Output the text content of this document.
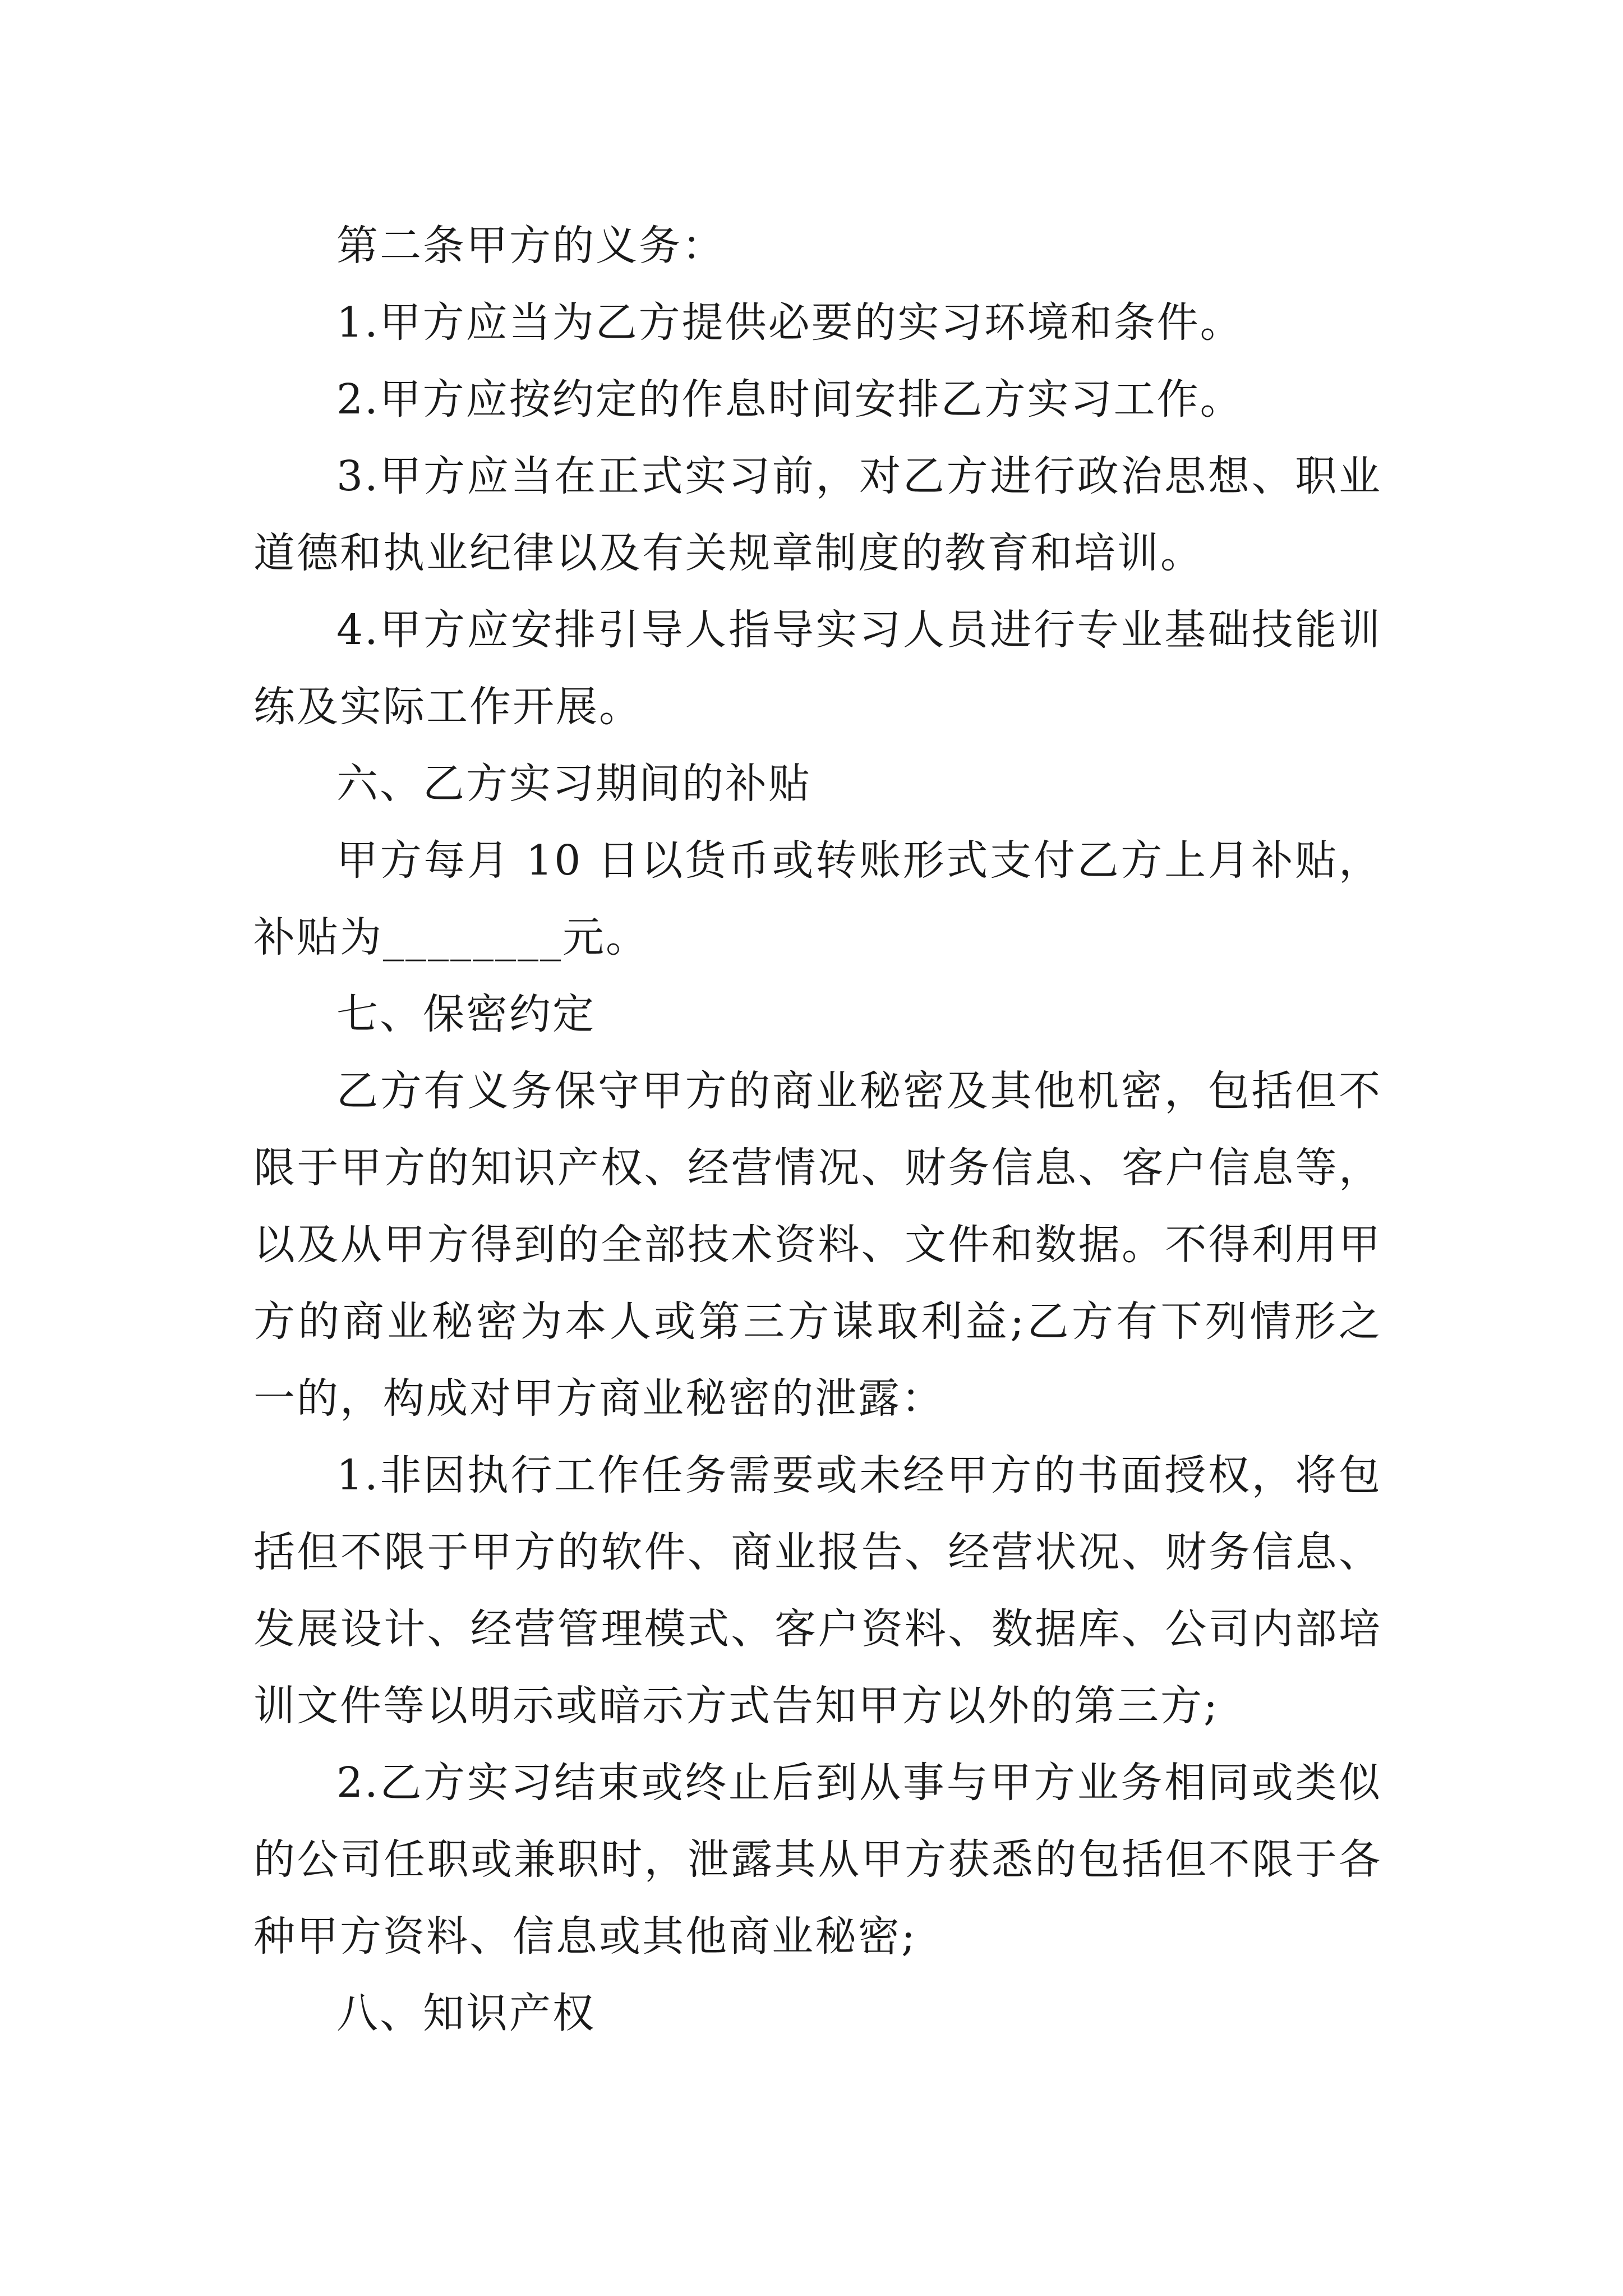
第二条甲方的义务：

1.甲方应当为乙方提供必要的实习环境和条件。

2.甲方应按约定的作息时间安排乙方实习工作。

3.甲方应当在正式实习前，对乙方进行政治思想、职业道德和执业纪律以及有关规章制度的教育和培训。

4.甲方应安排引导人指导实习人员进行专业基础技能训练及实际工作开展。

六、乙方实习期间的补贴

甲方每月 10 日以货币或转账形式支付乙方上月补贴，补贴为________元。

七、保密约定

乙方有义务保守甲方的商业秘密及其他机密，包括但不限于甲方的知识产权、经营情况、财务信息、客户信息等，以及从甲方得到的全部技术资料、文件和数据。不得利用甲方的商业秘密为本人或第三方谋取利益;乙方有下列情形之一的，构成对甲方商业秘密的泄露：

1.非因执行工作任务需要或未经甲方的书面授权，将包括但不限于甲方的软件、商业报告、经营状况、财务信息、发展设计、经营管理模式、客户资料、数据库、公司内部培训文件等以明示或暗示方式告知甲方以外的第三方;

2.乙方实习结束或终止后到从事与甲方业务相同或类似的公司任职或兼职时，泄露其从甲方获悉的包括但不限于各种甲方资料、信息或其他商业秘密;

八、知识产权
